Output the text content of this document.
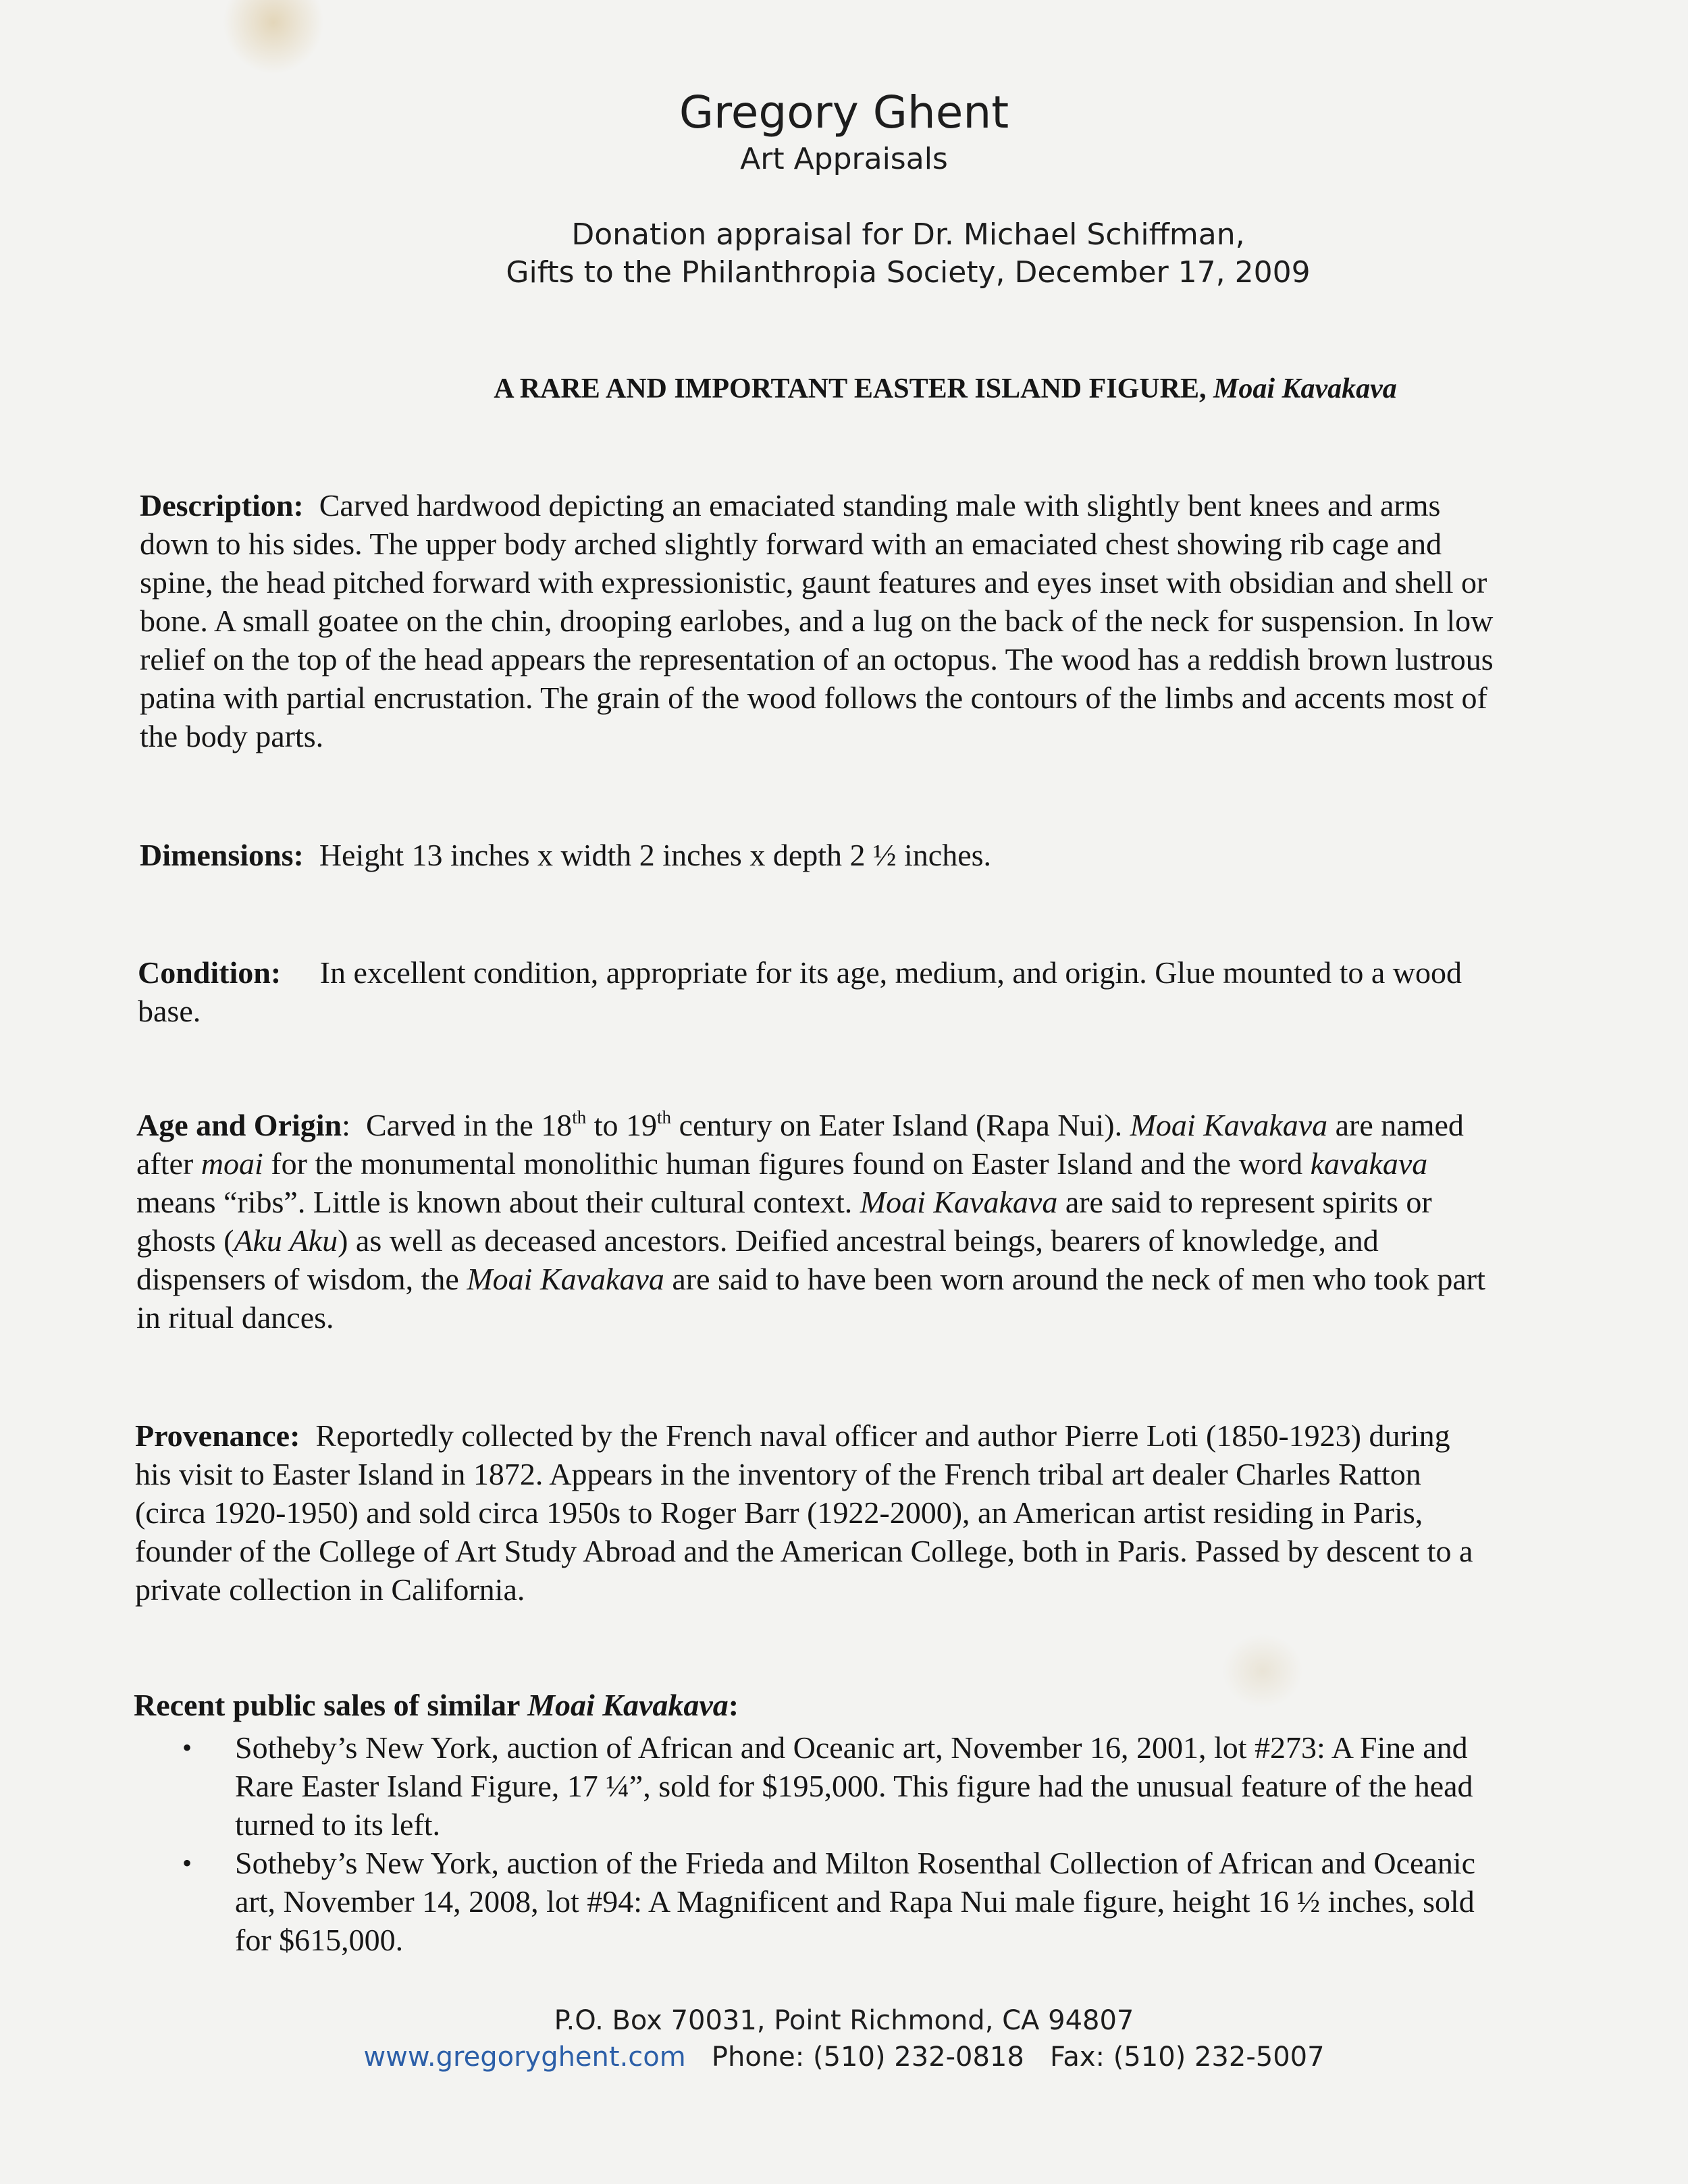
Gregory Ghent
Art Appraisals
Donation appraisal for Dr. Michael Schiffman,
Gifts to the Philanthropia Society, December 17, 2009
A RARE AND IMPORTANT EASTER ISLAND FIGURE, Moai Kavakava

Description: Carved hardwood depicting an emaciated standing male with slightly bent knees and arms down to his sides. The upper body arched slightly forward with an emaciated chest showing rib cage and spine, the head pitched forward with expressionistic, gaunt features and eyes inset with obsidian and shell or bone. A small goatee on the chin, drooping earlobes, and a lug on the back of the neck for suspension. In low relief on the top of the head appears the representation of an octopus. The wood has a reddish brown lustrous patina with partial encrustation. The grain of the wood follows the contours of the limbs and accents most of the body parts.

Dimensions: Height 13 inches x width 2 inches x depth 2 ½ inches.

Condition: In excellent condition, appropriate for its age, medium, and origin. Glue mounted to a wood base.

Age and Origin: Carved in the 18th to 19th century on Eater Island (Rapa Nui). Moai Kavakava are named after moai for the monumental monolithic human figures found on Easter Island and the word kavakava means “ribs”. Little is known about their cultural context. Moai Kavakava are said to represent spirits or ghosts (Aku Aku) as well as deceased ancestors. Deified ancestral beings, bearers of knowledge, and dispensers of wisdom, the Moai Kavakava are said to have been worn around the neck of men who took part in ritual dances.

Provenance: Reportedly collected by the French naval officer and author Pierre Loti (1850-1923) during his visit to Easter Island in 1872. Appears in the inventory of the French tribal art dealer Charles Ratton (circa 1920-1950) and sold circa 1950s to Roger Barr (1922-2000), an American artist residing in Paris, founder of the College of Art Study Abroad and the American College, both in Paris. Passed by descent to a private collection in California.

Recent public sales of similar Moai Kavakava:

• Sotheby’s New York, auction of African and Oceanic art, November 16, 2001, lot #273: A Fine and Rare Easter Island Figure, 17 ¼”, sold for $195,000. This figure had the unusual feature of the head turned to its left.
• Sotheby’s New York, auction of the Frieda and Milton Rosenthal Collection of African and Oceanic art, November 14, 2008, lot #94: A Magnificent and Rapa Nui male figure, height 16 ½ inches, sold for $615,000.
P.O. Box 70031, Point Richmond, CA 94807
www.gregoryghent.com Phone: (510) 232-0818 Fax: (510) 232-5007
